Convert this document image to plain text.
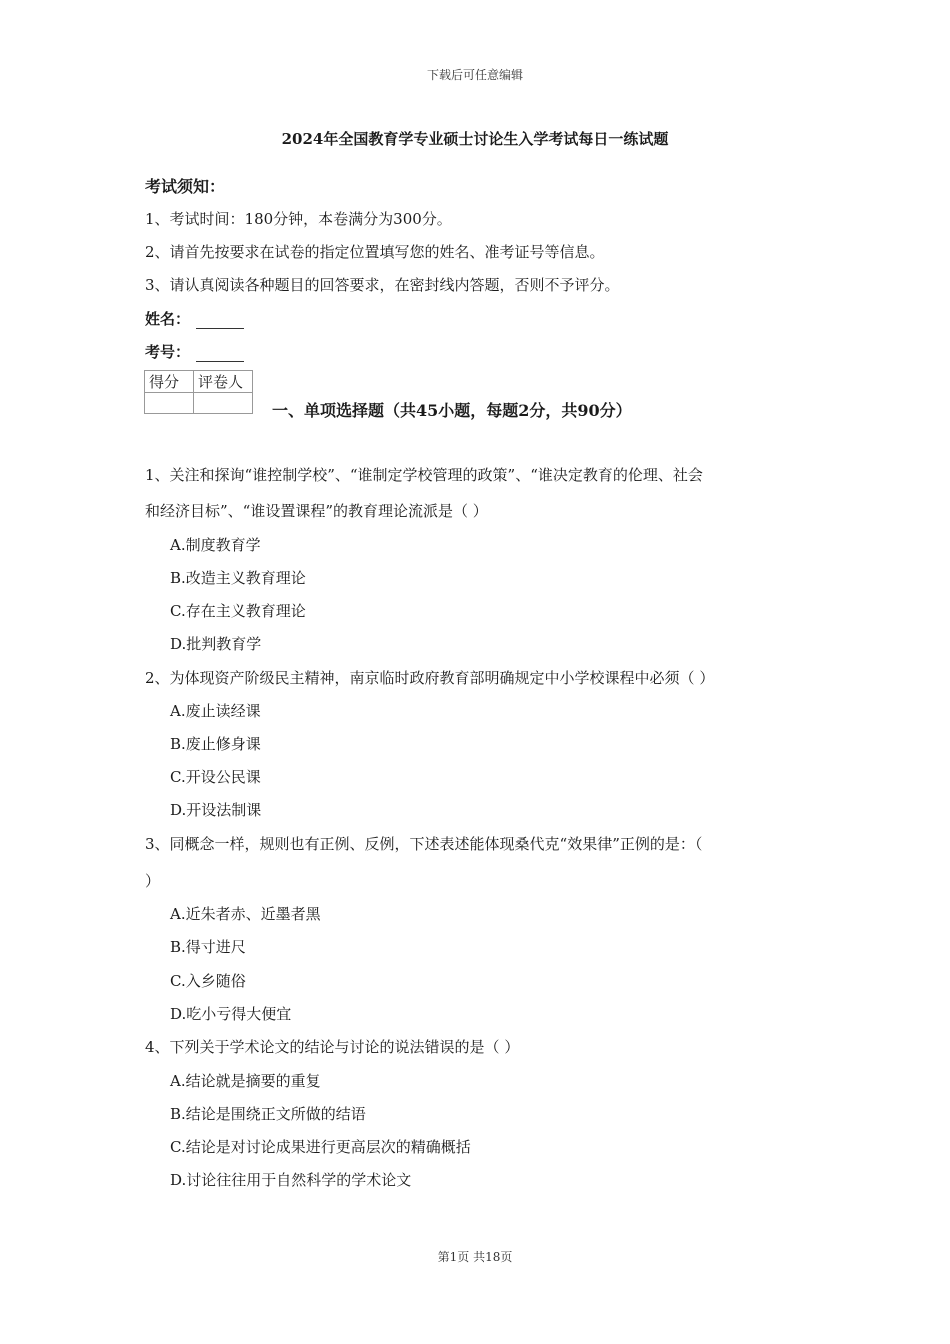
下载后可任意编辑
2024年全国教育学专业硕士讨论生入学考试每日一练试题
考试须知：
1、考试时间：180分钟，本卷满分为300分。
2、请首先按要求在试卷的指定位置填写您的姓名、准考证号等信息。
3、请认真阅读各种题目的回答要求，在密封线内答题，否则不予评分。
姓名：
考号：
得分	评卷人

一、单项选择题（共45小题，每题2分，共90分）
1、关注和探询“谁控制学校”、“谁制定学校管理的政策”、“谁决定教育的伦理、社会
和经济目标”、“谁设置课程”的教育理论流派是（ ）
A.制度教育学
B.改造主义教育理论
C.存在主义教育理论
D.批判教育学
2、为体现资产阶级民主精神，南京临时政府教育部明确规定中小学校课程中必须（ ）
A.废止读经课
B.废止修身课
C.开设公民课
D.开设法制课
3、同概念一样，规则也有正例、反例，下述表述能体现桑代克“效果律”正例的是：（
）
A.近朱者赤、近墨者黑
B.得寸进尺
C.入乡随俗
D.吃小亏得大便宜
4、下列关于学术论文的结论与讨论的说法错误的是（ ）
A.结论就是摘要的重复
B.结论是围绕正文所做的结语
C.结论是对讨论成果进行更高层次的精确概括
D.讨论往往用于自然科学的学术论文
第1页 共18页
